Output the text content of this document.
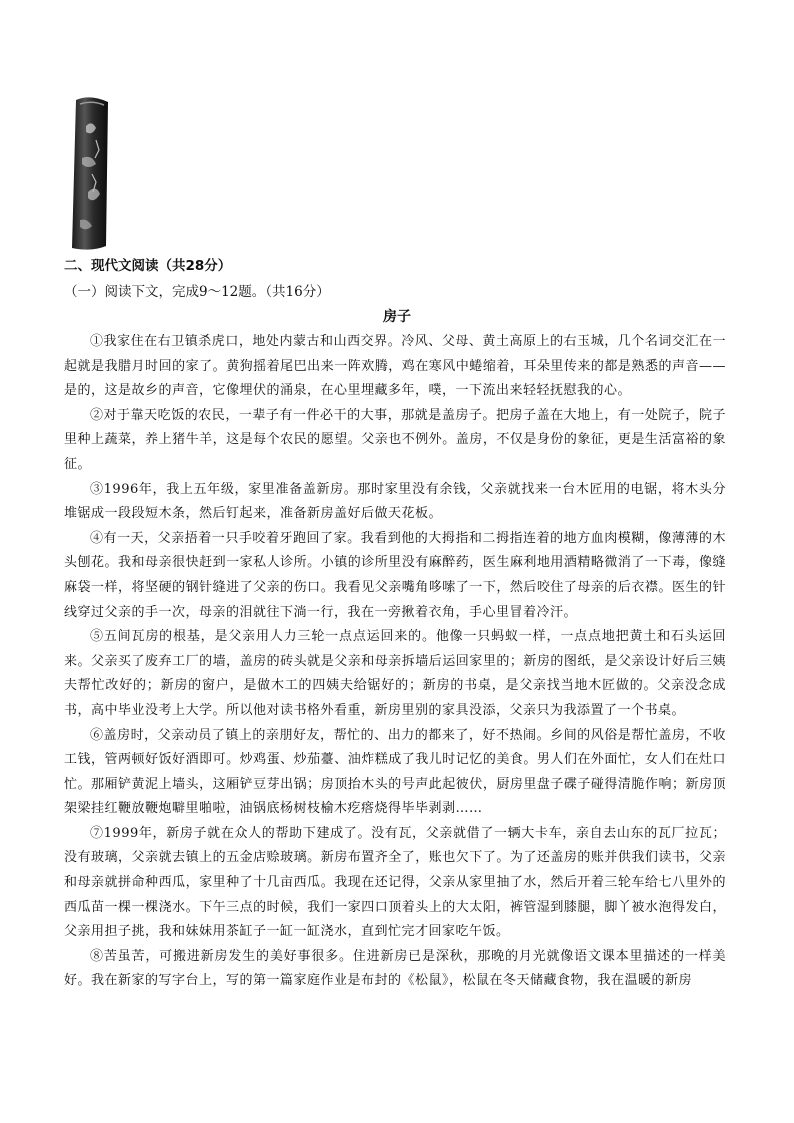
二、现代文阅读（共28分）
（一）阅读下文，完成9～12题。（共16分）
房子

①我家住在右卫镇杀虎口，地处内蒙古和山西交界。冷风、父母、黄土高原上的右玉城，几个名词交汇在一起就是我腊月时回的家了。黄狗摇着尾巴出来一阵欢腾，鸡在寒风中蜷缩着，耳朵里传来的都是熟悉的声音——是的，这是故乡的声音，它像埋伏的涌泉，在心里埋藏多年，噗，一下流出来轻轻抚慰我的心。

②对于靠天吃饭的农民，一辈子有一件必干的大事，那就是盖房子。把房子盖在大地上，有一处院子，院子里种上蔬菜，养上猪牛羊，这是每个农民的愿望。父亲也不例外。盖房，不仅是身份的象征，更是生活富裕的象征。

③1996年，我上五年级，家里准备盖新房。那时家里没有余钱，父亲就找来一台木匠用的电锯，将木头分堆锯成一段段短木条，然后钉起来，准备新房盖好后做天花板。

④有一天，父亲捂着一只手咬着牙跑回了家。我看到他的大拇指和二拇指连着的地方血肉模糊，像薄薄的木头刨花。我和母亲很快赶到一家私人诊所。小镇的诊所里没有麻醉药，医生麻利地用酒精略微消了一下毒，像缝麻袋一样，将坚硬的钢针缝进了父亲的伤口。我看见父亲嘴角哆嗦了一下，然后咬住了母亲的后衣襟。医生的针线穿过父亲的手一次，母亲的泪就往下淌一行，我在一旁揪着衣角，手心里冒着冷汗。

⑤五间瓦房的根基，是父亲用人力三轮一点点运回来的。他像一只蚂蚁一样，一点点地把黄土和石头运回来。父亲买了废弃工厂的墙，盖房的砖头就是父亲和母亲拆墙后运回家里的；新房的图纸，是父亲设计好后三姨夫帮忙改好的；新房的窗户，是做木工的四姨夫给锯好的；新房的书桌，是父亲找当地木匠做的。父亲没念成书，高中毕业没考上大学。所以他对读书格外看重，新房里别的家具没添，父亲只为我添置了一个书桌。

⑥盖房时，父亲动员了镇上的亲朋好友，帮忙的、出力的都来了，好不热闹。乡间的风俗是帮忙盖房，不收工钱，管两顿好饭好酒即可。炒鸡蛋、炒茄薹、油炸糕成了我儿时记忆的美食。男人们在外面忙，女人们在灶口忙。那厢铲黄泥上墙头，这厢铲豆芽出锅；房顶抬木头的号声此起彼伏，厨房里盘子碟子碰得清脆作响；新房顶架梁挂红鞭放鞭炮噼里啪啦，油锅底杨树枝榆木疙瘩烧得毕毕剥剥……

⑦1999年，新房子就在众人的帮助下建成了。没有瓦，父亲就借了一辆大卡车，亲自去山东的瓦厂拉瓦；没有玻璃，父亲就去镇上的五金店赊玻璃。新房布置齐全了，账也欠下了。为了还盖房的账并供我们读书，父亲和母亲就拼命种西瓜，家里种了十几亩西瓜。我现在还记得，父亲从家里抽了水，然后开着三轮车给七八里外的西瓜苗一棵一棵浇水。下午三点的时候，我们一家四口顶着头上的大太阳，裤管湿到膝腿，脚丫被水泡得发白，父亲用担子挑，我和妹妹用茶缸子一缸一缸浇水，直到忙完才回家吃午饭。

⑧苦虽苦，可搬进新房发生的美好事很多。住进新房已是深秋，那晚的月光就像语文课本里描述的一样美好。我在新家的写字台上，写的第一篇家庭作业是布封的《松鼠》，松鼠在冬天储藏食物，我在温暖的新房
